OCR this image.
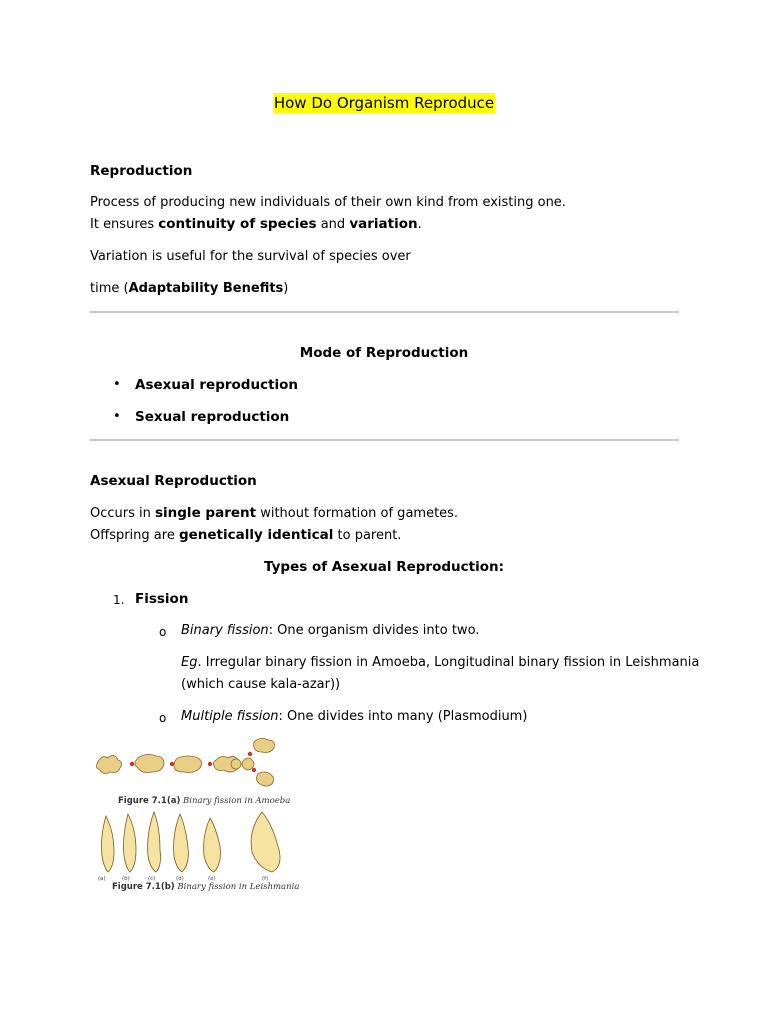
How Do Organism Reproduce
Reproduction
Process of producing new individuals of their own kind from existing one.
It ensures continuity of species and variation.
Variation is useful for the survival of species over
time (Adaptability Benefits)
Mode of Reproduction
• Asexual reproduction
• Sexual reproduction
Asexual Reproduction
Occurs in single parent without formation of gametes.
Offspring are genetically identical to parent.
Types of Asexual Reproduction:
1. Fission
o Binary fission: One organism divides into two.
Eg. Irregular binary fission in Amoeba, Longitudinal binary fission in Leishmania
(which cause kala-azar))
o Multiple fission: One divides into many (Plasmodium)
Figure 7.1(a) Binary fission in Amoeba
(a)	(b)	(c)	(d)	(e)	(f)
Figure 7.1(b) Binary fission in Leishmania
